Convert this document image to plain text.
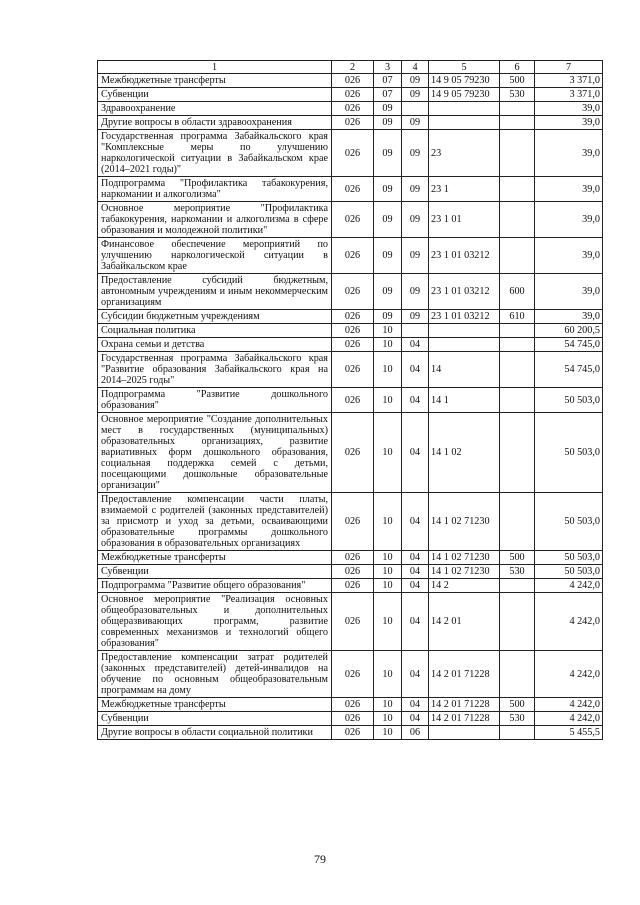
1	2	3	4	5	6	7
Межбюджетные трансферты	026	07	09	14 9 05 79230	500	3 371,0
Субвенции	026	07	09	14 9 05 79230	530	3 371,0
Здравоохранение	026	09				39,0
Другие вопросы в области здравоохранения	026	09	09			39,0
Государственная программа Забайкальского края "Комплексные меры по улучшению наркологической ситуации в Забайкальском крае (2014–2021 годы)"	026	09	09	23		39,0
Подпрограмма "Профилактика табакокурения, наркомании и алкоголизма"	026	09	09	23 1		39,0
Основное мероприятие "Профилактика табакокурения, наркомании и алкоголизма в сфере образования и молодежной политики"	026	09	09	23 1 01		39,0
Финансовое обеспечение мероприятий по улучшению наркологической ситуации в Забайкальском крае	026	09	09	23 1 01 03212		39,0
Предоставление субсидий бюджетным, автономным учреждениям и иным некоммерческим организациям	026	09	09	23 1 01 03212	600	39,0
Субсидии бюджетным учреждениям	026	09	09	23 1 01 03212	610	39,0
Социальная политика	026	10				60 200,5
Охрана семьи и детства	026	10	04			54 745,0
Государственная программа Забайкальского края "Развитие образования Забайкальского края на 2014–2025 годы"	026	10	04	14		54 745,0
Подпрограмма "Развитие дошкольного образования"	026	10	04	14 1		50 503,0
Основное мероприятие "Создание дополнительных мест в государственных (муниципальных) образовательных организациях, развитие вариативных форм дошкольного образования, социальная поддержка семей с детьми, посещающими дошкольные образовательные организации"	026	10	04	14 1 02		50 503,0
Предоставление компенсации части платы, взимаемой с родителей (законных представителей) за присмотр и уход за детьми, осваивающими образовательные программы дошкольного образования в образовательных организациях	026	10	04	14 1 02 71230		50 503,0
Межбюджетные трансферты	026	10	04	14 1 02 71230	500	50 503,0
Субвенции	026	10	04	14 1 02 71230	530	50 503,0
Подпрограмма "Развитие общего образования"	026	10	04	14 2		4 242,0
Основное мероприятие "Реализация основных общеобразовательных и дополнительных общеразвивающих программ, развитие современных механизмов и технологий общего образования"	026	10	04	14 2 01		4 242,0
Предоставление компенсации затрат родителей (законных представителей) детей-инвалидов на обучение по основным общеобразовательным программам на дому	026	10	04	14 2 01 71228		4 242,0
Межбюджетные трансферты	026	10	04	14 2 01 71228	500	4 242,0
Субвенции	026	10	04	14 2 01 71228	530	4 242,0
Другие вопросы в области социальной политики	026	10	06			5 455,5
79
